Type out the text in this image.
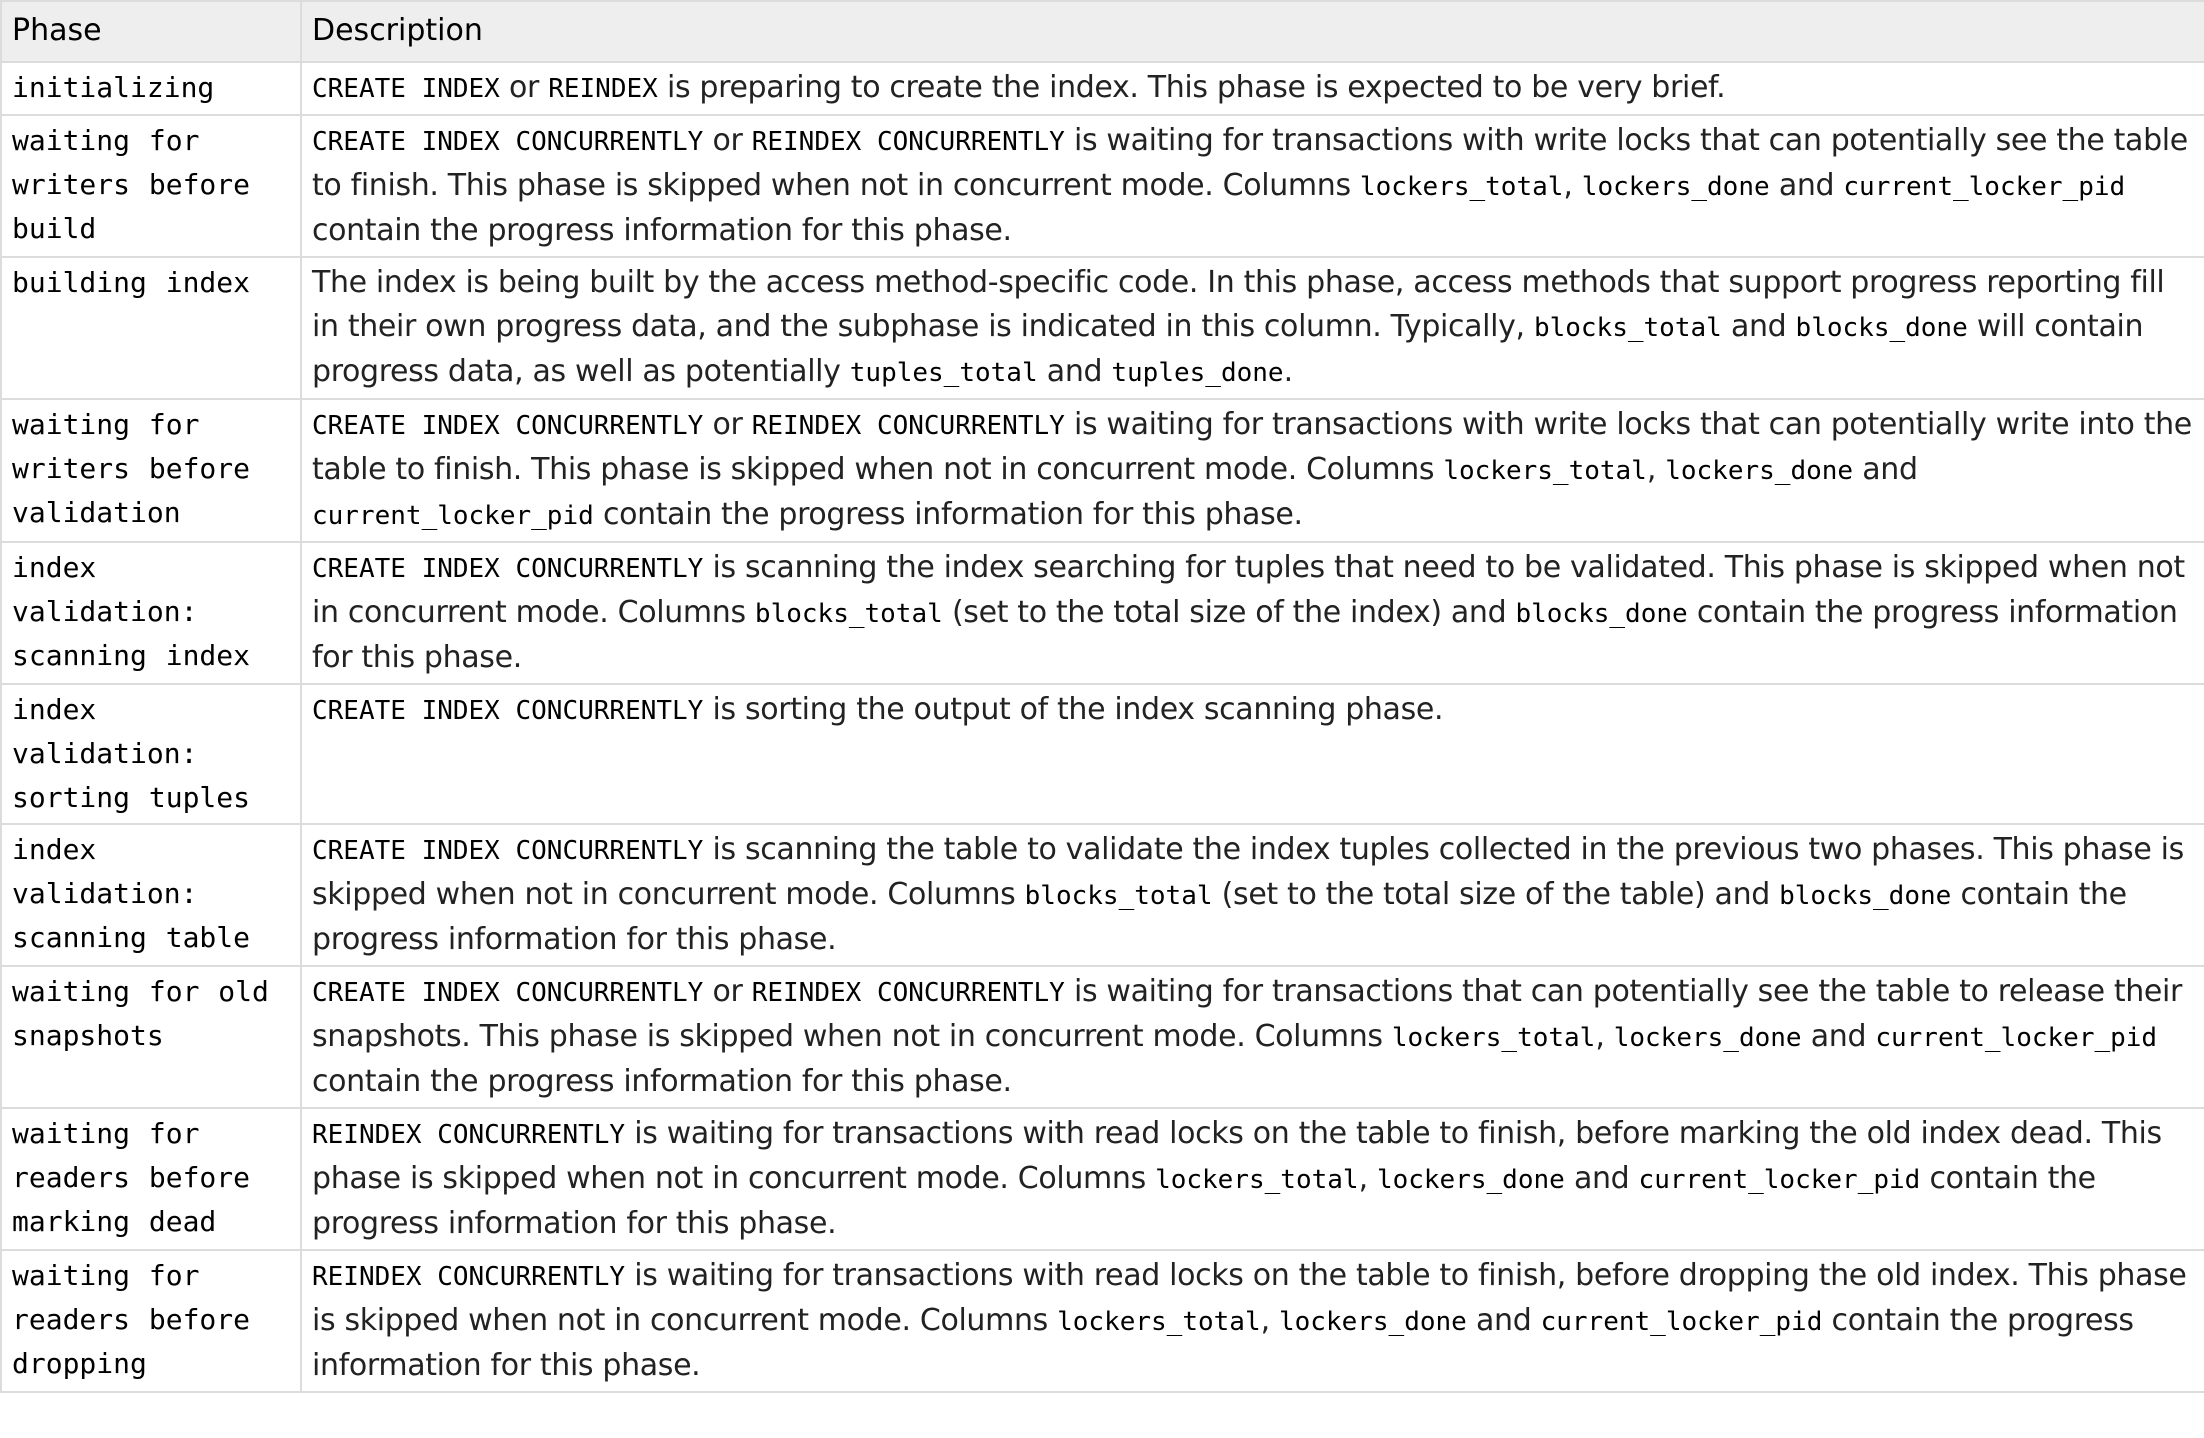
Phase	Description
initializing	CREATE INDEX or REINDEX is preparing to create the index. This phase is expected to be very brief.
waiting for writers before build	CREATE INDEX CONCURRENTLY or REINDEX CONCURRENTLY is waiting for transactions with write locks that can potentially see the table to finish. This phase is skipped when not in concurrent mode. Columns lockers_total, lockers_done and current_locker_pid contain the progress information for this phase.
building index	The index is being built by the access method-specific code. In this phase, access methods that support progress reporting fill in their own progress data, and the subphase is indicated in this column. Typically, blocks_total and blocks_done will contain progress data, as well as potentially tuples_total and tuples_done.
waiting for writers before validation	CREATE INDEX CONCURRENTLY or REINDEX CONCURRENTLY is waiting for transactions with write locks that can potentially write into the table to finish. This phase is skipped when not in concurrent mode. Columns lockers_total, lockers_done and current_locker_pid contain the progress information for this phase.
index validation: scanning index	CREATE INDEX CONCURRENTLY is scanning the index searching for tuples that need to be validated. This phase is skipped when not in concurrent mode. Columns blocks_total (set to the total size of the index) and blocks_done contain the progress information for this phase.
index validation: sorting tuples	CREATE INDEX CONCURRENTLY is sorting the output of the index scanning phase.
index validation: scanning table	CREATE INDEX CONCURRENTLY is scanning the table to validate the index tuples collected in the previous two phases. This phase is skipped when not in concurrent mode. Columns blocks_total (set to the total size of the table) and blocks_done contain the progress information for this phase.
waiting for old snapshots	CREATE INDEX CONCURRENTLY or REINDEX CONCURRENTLY is waiting for transactions that can potentially see the table to release their snapshots. This phase is skipped when not in concurrent mode. Columns lockers_total, lockers_done and current_locker_pid contain the progress information for this phase.
waiting for readers before marking dead	REINDEX CONCURRENTLY is waiting for transactions with read locks on the table to finish, before marking the old index dead. This phase is skipped when not in concurrent mode. Columns lockers_total, lockers_done and current_locker_pid contain the progress information for this phase.
waiting for readers before dropping	REINDEX CONCURRENTLY is waiting for transactions with read locks on the table to finish, before dropping the old index. This phase is skipped when not in concurrent mode. Columns lockers_total, lockers_done and current_locker_pid contain the progress information for this phase.
